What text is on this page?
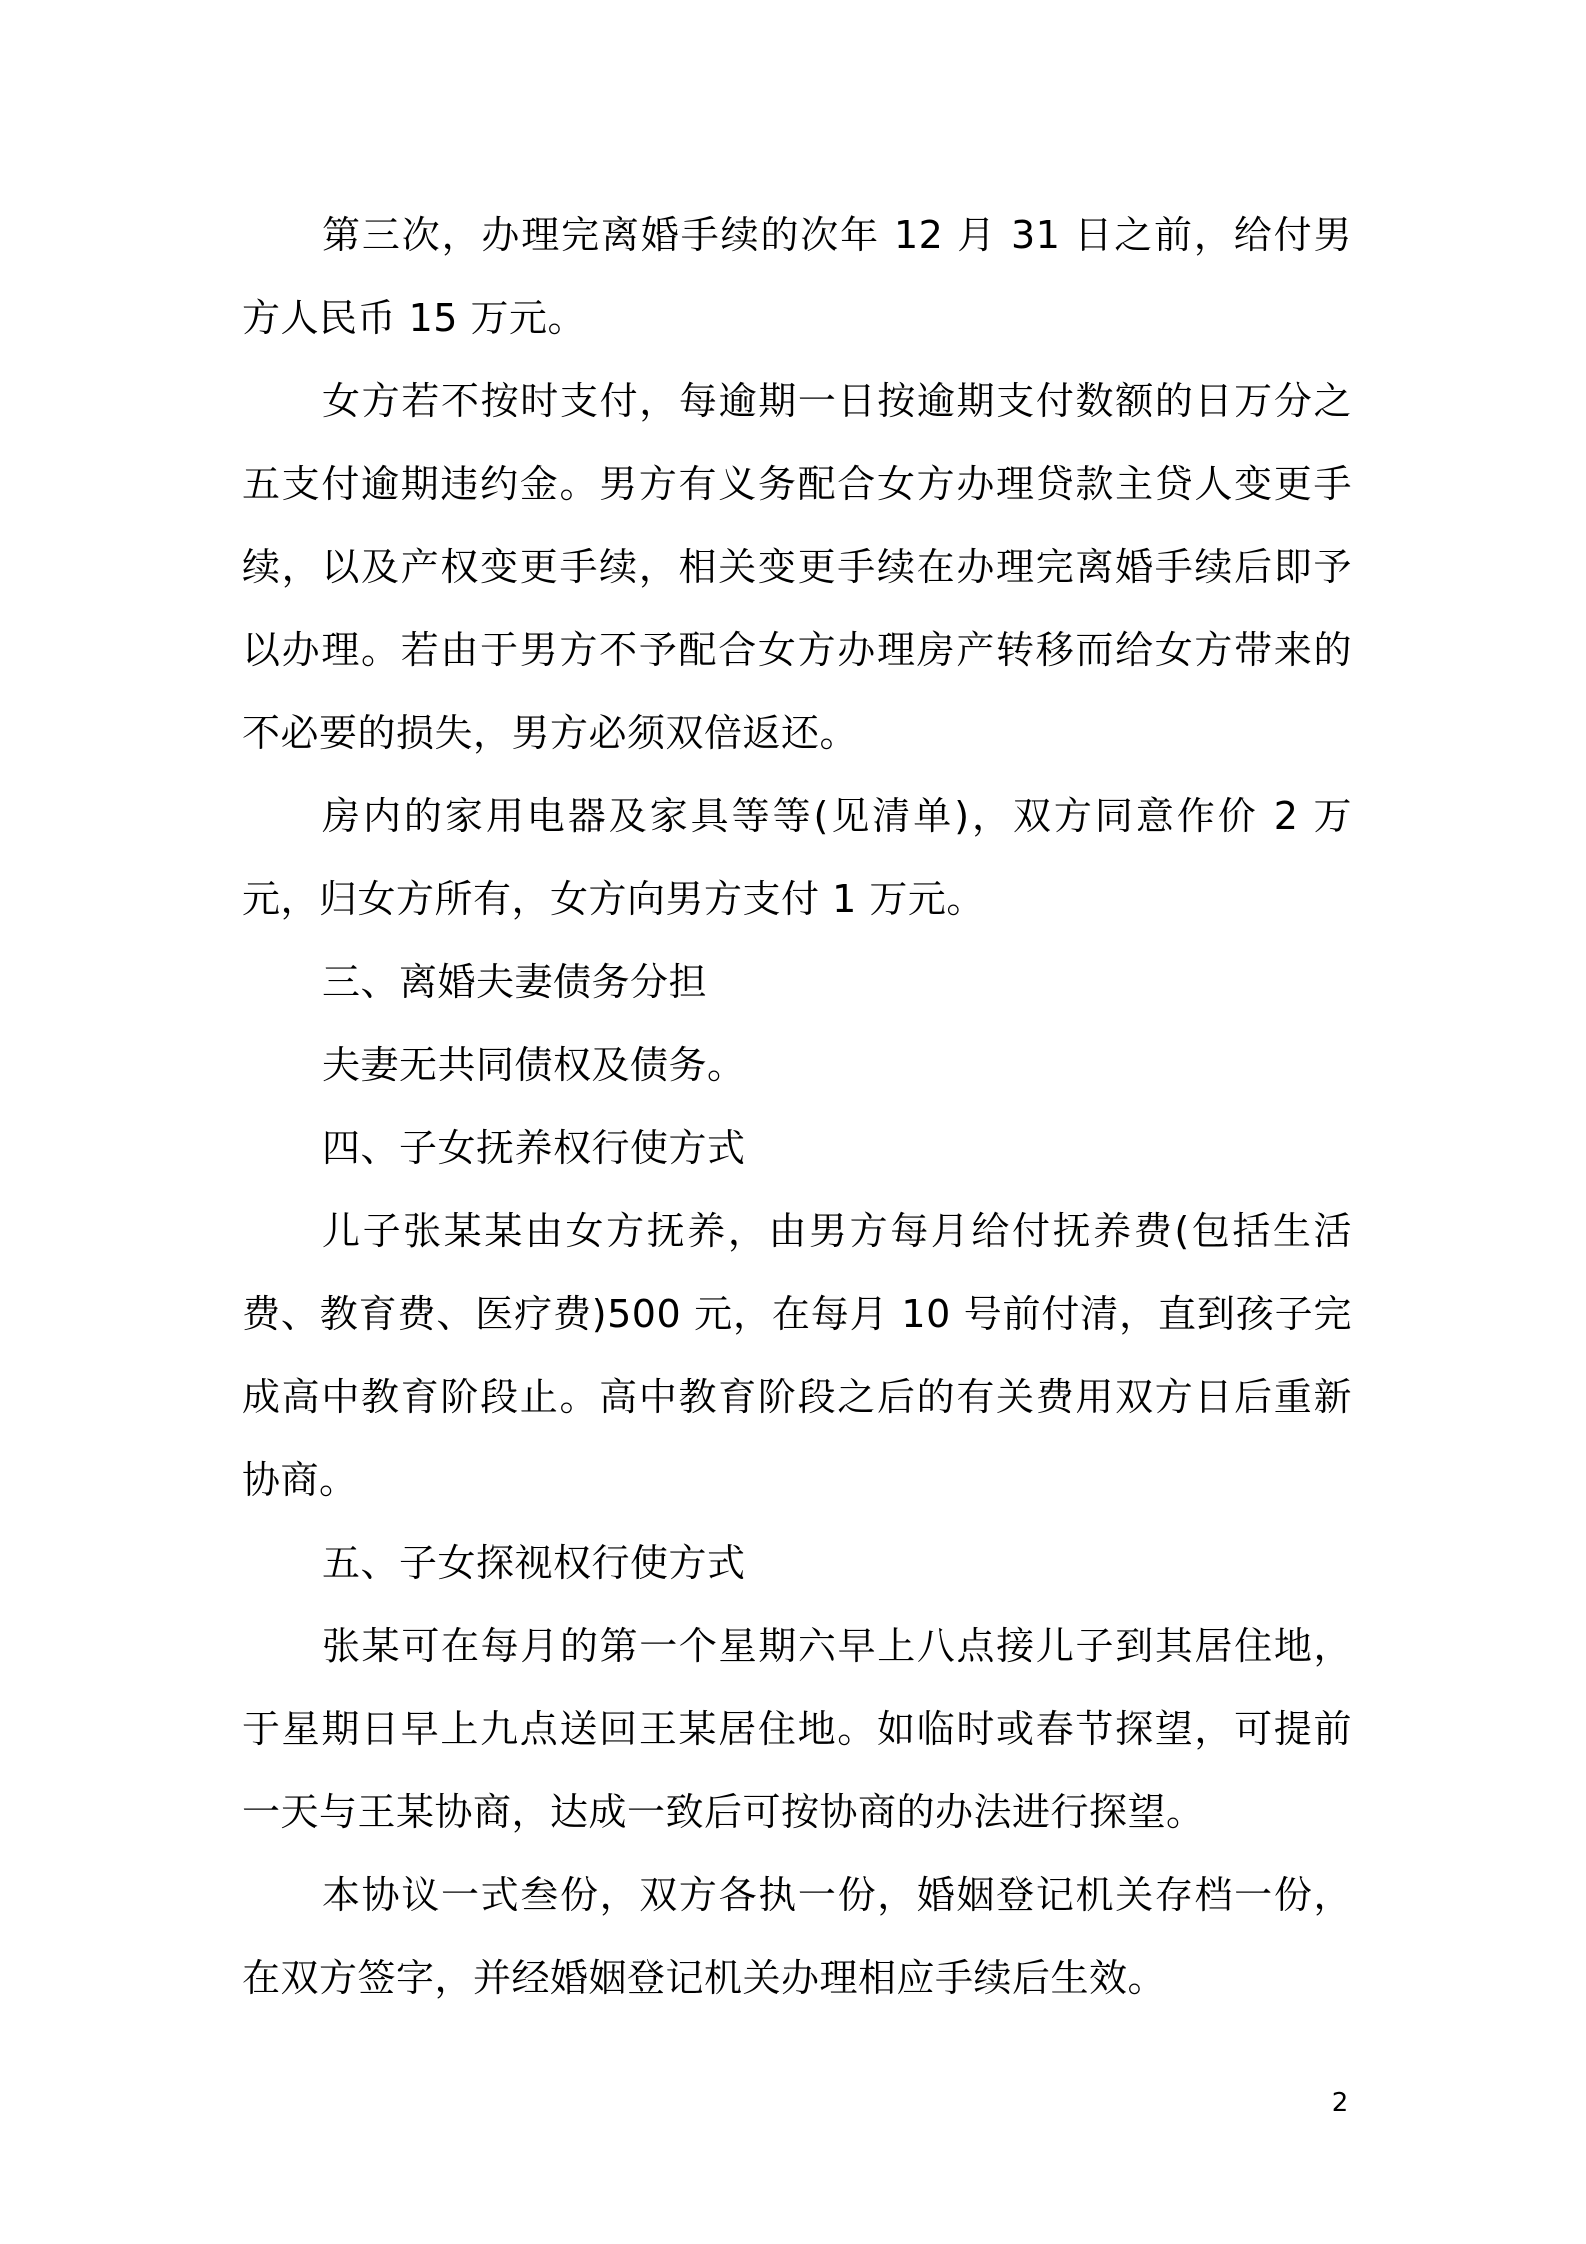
第三次，办理完离婚手续的次年 12 月 31 日之前，给付男方人民币 15 万元。

女方若不按时支付，每逾期一日按逾期支付数额的日万分之五支付逾期违约金。男方有义务配合女方办理贷款主贷人变更手续，以及产权变更手续，相关变更手续在办理完离婚手续后即予以办理。若由于男方不予配合女方办理房产转移而给女方带来的不必要的损失，男方必须双倍返还。

房内的家用电器及家具等等(见清单)，双方同意作价 2 万元，归女方所有，女方向男方支付 1 万元。

三、离婚夫妻债务分担

夫妻无共同债权及债务。

四、子女抚养权行使方式

儿子张某某由女方抚养，由男方每月给付抚养费(包括生活费、教育费、医疗费)500 元，在每月 10 号前付清，直到孩子完成高中教育阶段止。高中教育阶段之后的有关费用双方日后重新协商。

五、子女探视权行使方式

张某可在每月的第一个星期六早上八点接儿子到其居住地，于星期日早上九点送回王某居住地。如临时或春节探望，可提前一天与王某协商，达成一致后可按协商的办法进行探望。

本协议一式叁份，双方各执一份，婚姻登记机关存档一份，在双方签字，并经婚姻登记机关办理相应手续后生效。

2
